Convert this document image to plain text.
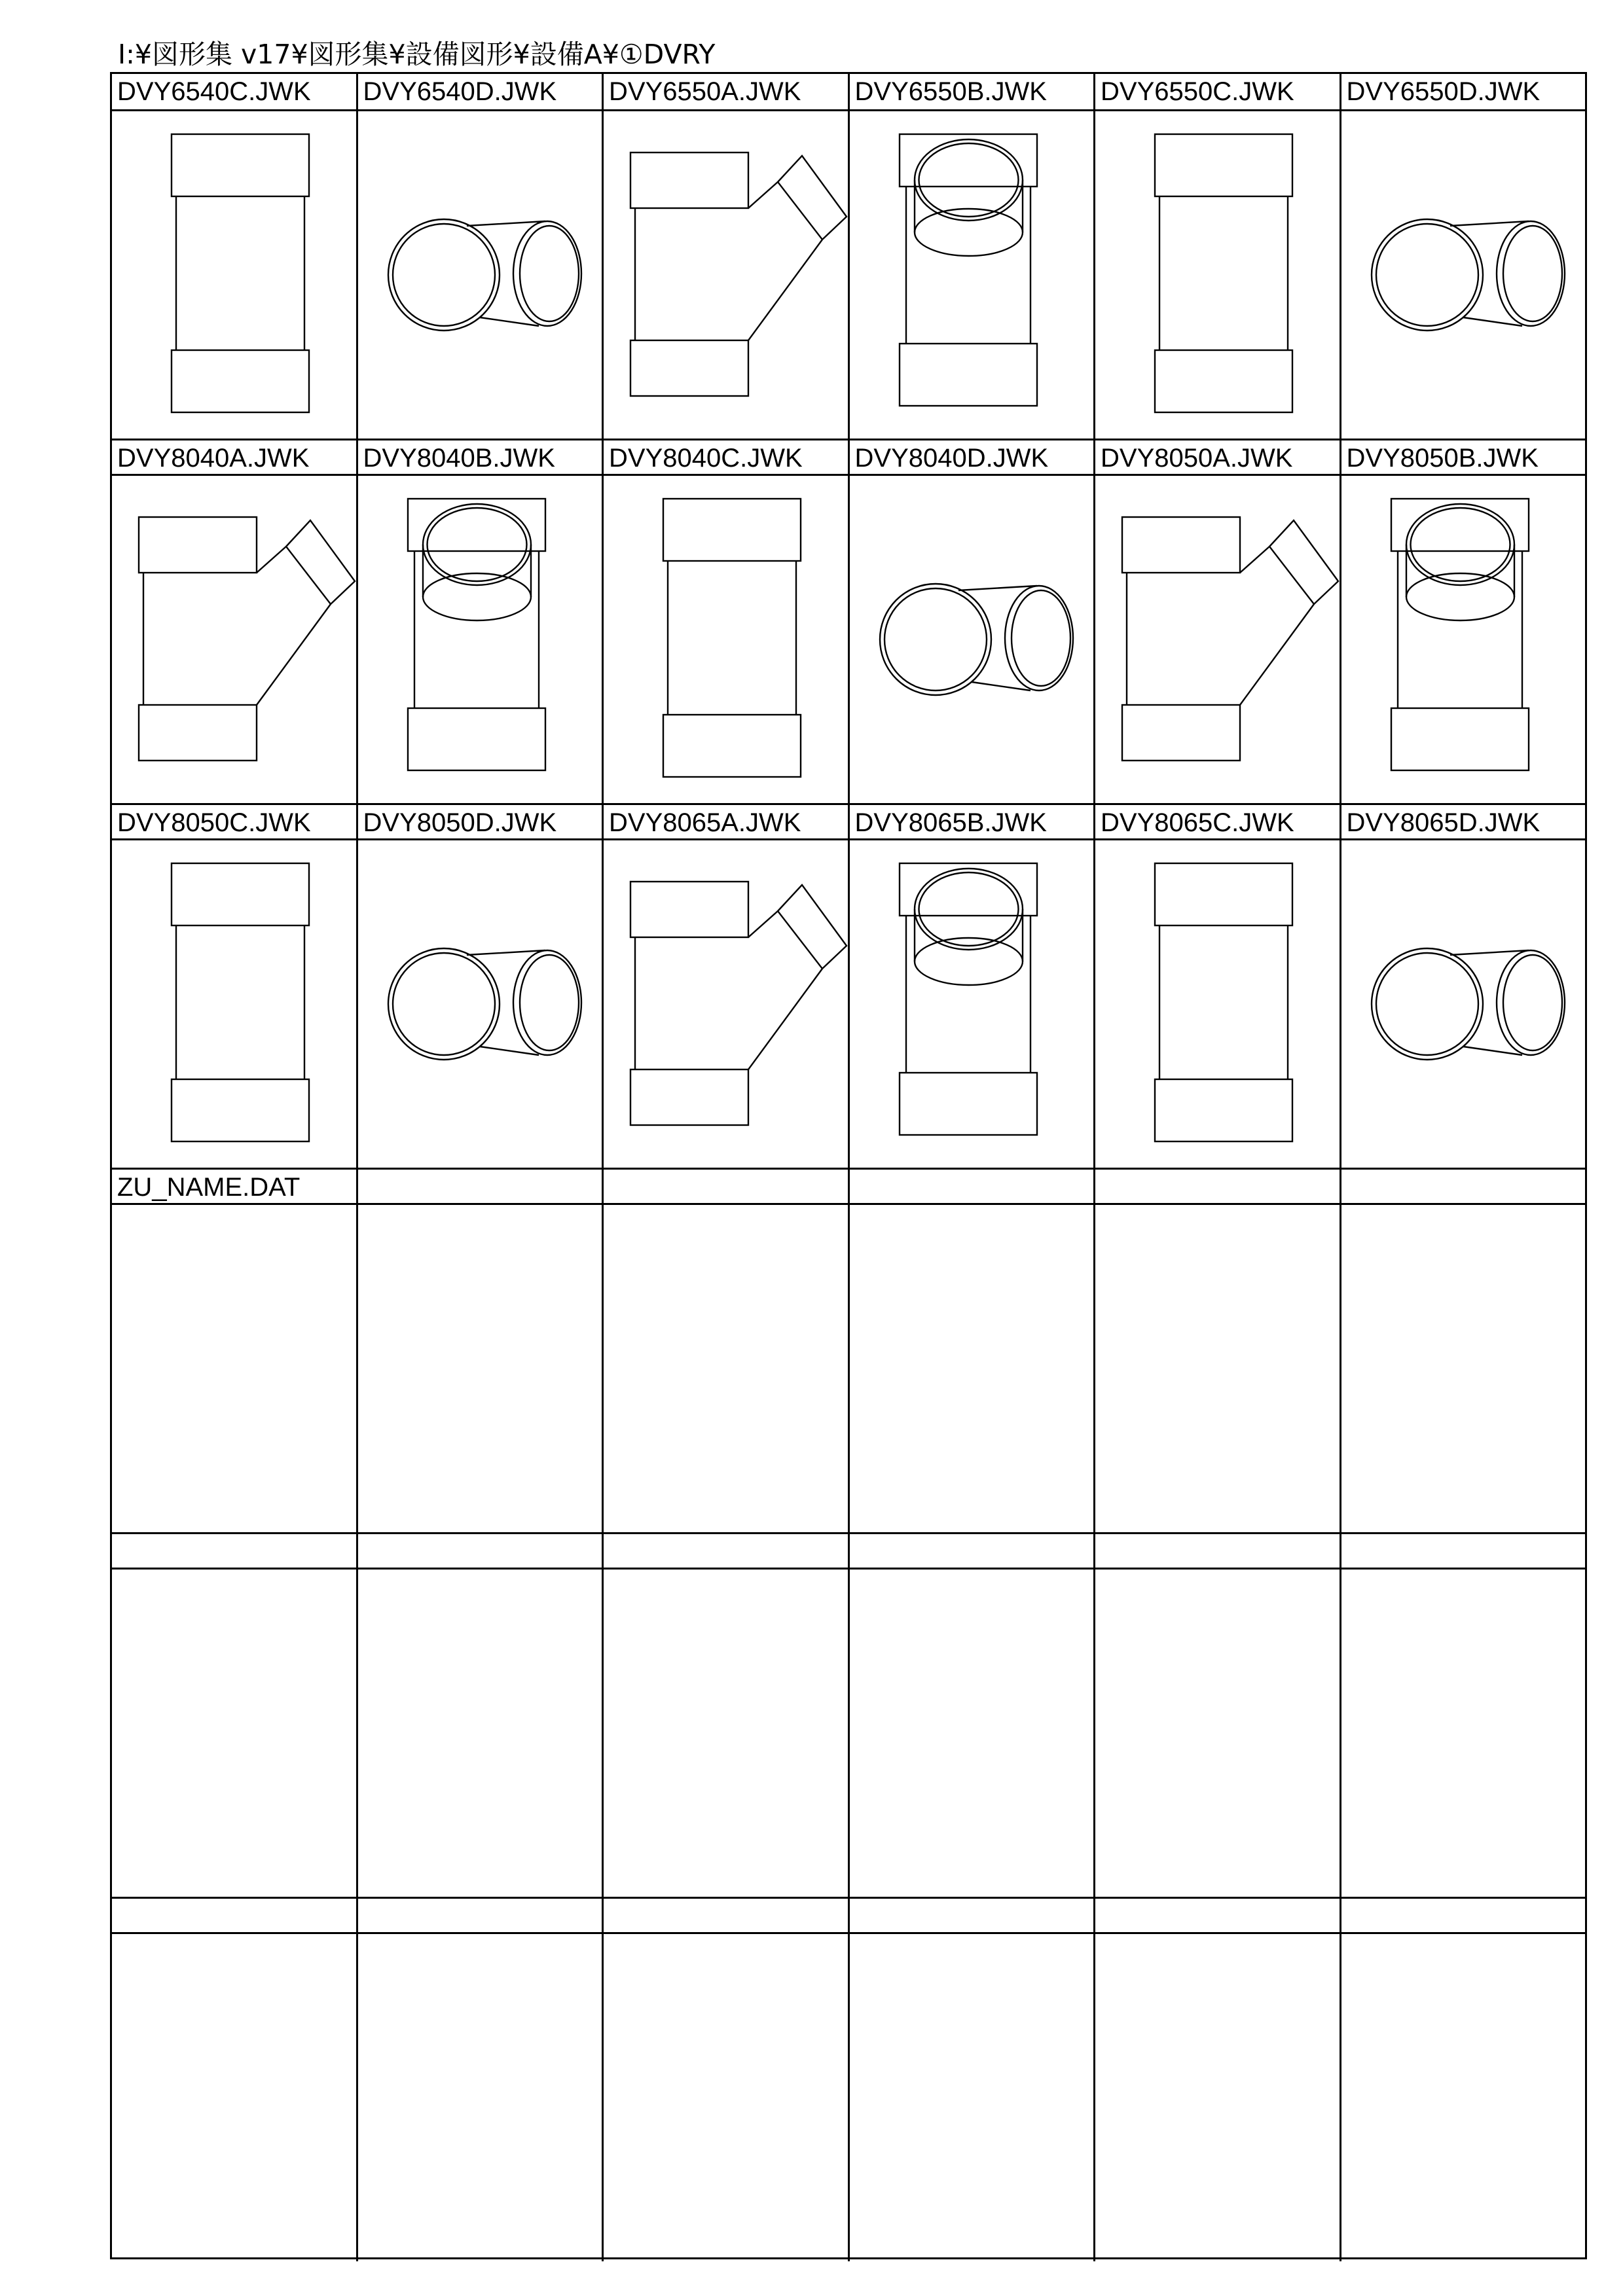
I:¥図形集 v17¥図形集¥設備図形¥設備A¥①DVRY
DVY6540C.JWK	DVY6540D.JWK	DVY6550A.JWK	DVY6550B.JWK	DVY6550C.JWK	DVY6550D.JWK
DVY8040A.JWK	DVY8040B.JWK	DVY8040C.JWK	DVY8040D.JWK	DVY8050A.JWK	DVY8050B.JWK
DVY8050C.JWK	DVY8050D.JWK	DVY8065A.JWK	DVY8065B.JWK	DVY8065C.JWK	DVY8065D.JWK
ZU_NAME.DAT
